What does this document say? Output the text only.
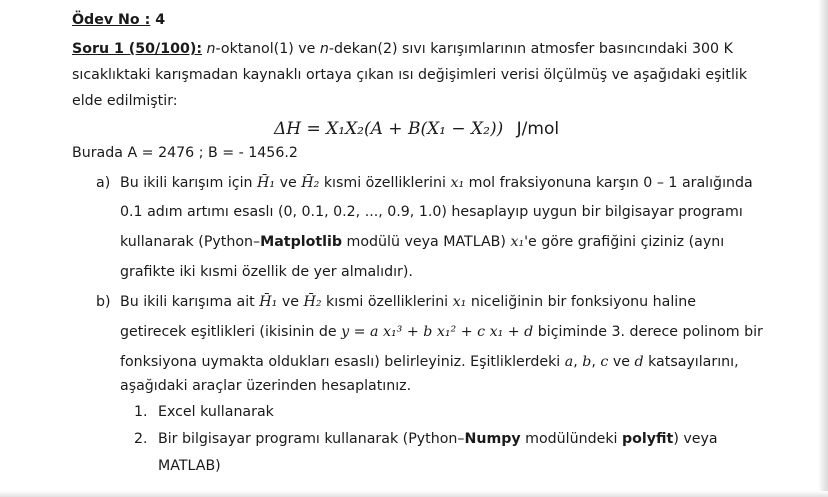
Ödev No : 4
Soru 1 (50/100): n-oktanol(1) ve n-dekan(2) sıvı karışımlarının atmosfer basıncındaki 300 K
sıcaklıktaki karışmadan kaynaklı ortaya çıkan ısı değişimleri verisi ölçülmüş ve aşağıdaki eşitlik
elde edilmiştir:
ΔH = X₁X₂(A + B(X₁ − X₂)) J/mol
Burada A = 2476 ; B = - 1456.2
a) Bu ikili karışım için H̄₁ ve H̄₂ kısmi özelliklerini x₁ mol fraksiyonuna karşın 0 – 1 aralığında
0.1 adım artımı esaslı (0, 0.1, 0.2, ..., 0.9, 1.0) hesaplayıp uygun bir bilgisayar programı
kullanarak (Python–Matplotlib modülü veya MATLAB) x₁'e göre grafiğini çiziniz (aynı
grafikte iki kısmi özellik de yer almalıdır).
b) Bu ikili karışıma ait H̄₁ ve H̄₂ kısmi özelliklerini x₁ niceliğinin bir fonksiyonu haline
getirecek eşitlikleri (ikisinin de y = a x₁³ + b x₁² + c x₁ + d biçiminde 3. derece polinom bir
fonksiyona uymakta oldukları esaslı) belirleyiniz. Eşitliklerdeki a, b, c ve d katsayılarını,
aşağıdaki araçlar üzerinden hesaplatınız.
1. Excel kullanarak
2. Bir bilgisayar programı kullanarak (Python–Numpy modülündeki polyfit) veya
MATLAB)
